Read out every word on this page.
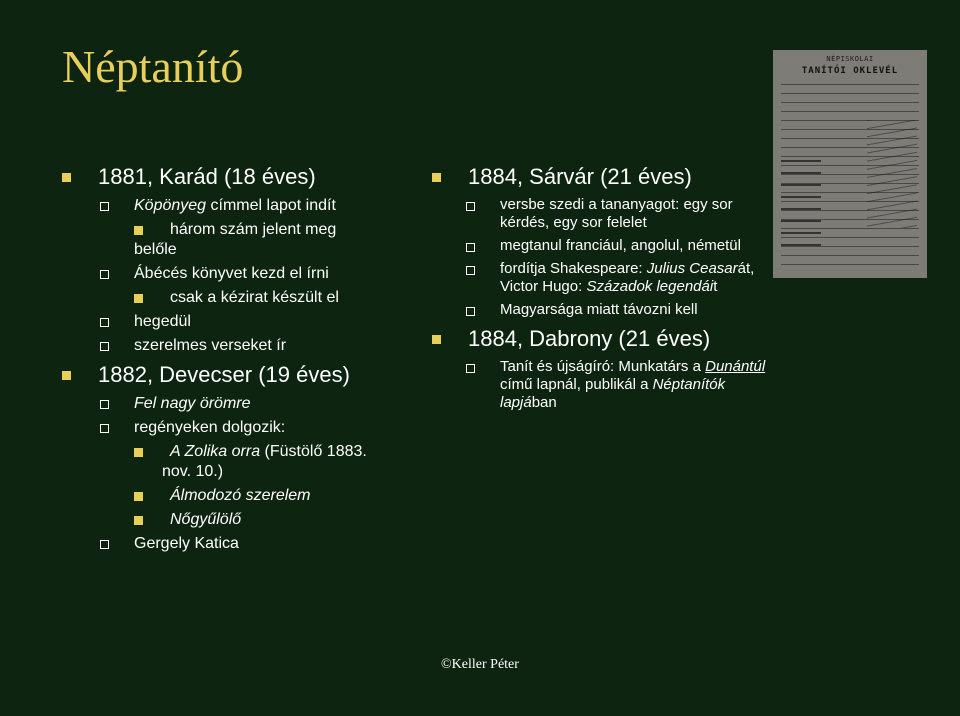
Néptanító
1881, Karád (18 éves)
Köpönyeg címmel lapot indít
három szám jelent meg
belőle
Ábécés könyvet kezd el írni
csak a kézirat készült el
hegedül
szerelmes verseket ír
1882, Devecser (19 éves)
Fel nagy örömre
regényeken dolgozik:
A Zolika orra (Füstölő 1883.
nov. 10.)
Álmodozó szerelem
Nőgyűlölő
Gergely Katica
1884, Sárvár (21 éves)
versbe szedi a tananyagot: egy sor kérdés, egy sor felelet
megtanul franciául, angolul, németül
fordítja Shakespeare: Julius Ceasarát, Victor Hugo: Századok legendáit
Magyarsága miatt távozni kell
1884, Dabrony (21 éves)
Tanít és újságíró: Munkatárs a Dunántúl című lapnál, publikál a Néptanítók lapjában
NÉPISKOLAI
TANÍTÓI OKLEVÉL
©Keller Péter
